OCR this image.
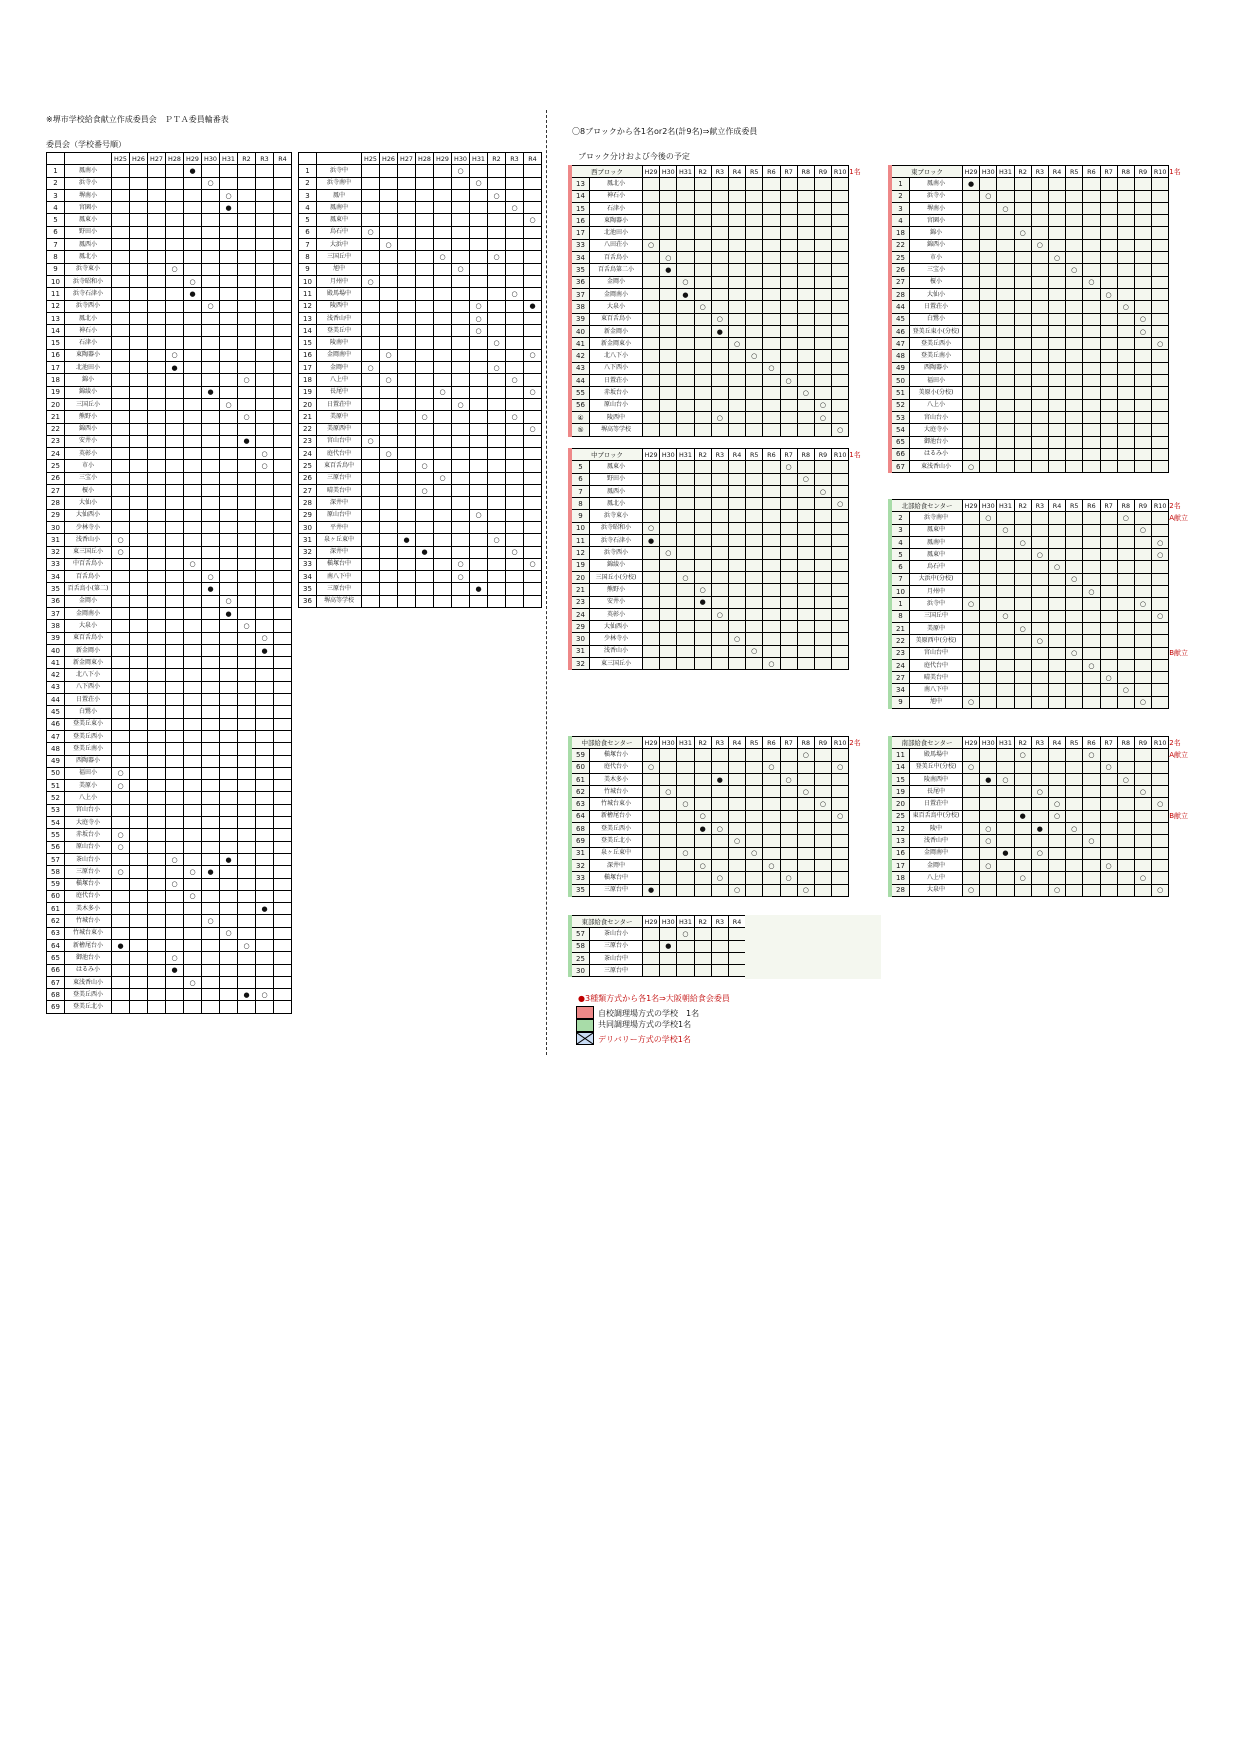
※堺市学校給食献立作成委員会　ＰＴＡ委員輪番表
委員会（学校番号順）
〇8ブロックから各1名or2名(計9名)⇒献立作成委員
ブロック分けおよび今後の予定
		H25	H26	H27	H28	H29	H30	H31	R2	R3	R4
1	鳳南小					●					
2	浜寺小						○				
3	堺南小							○			
4	宮園小							●			
5	鳳東小										
6	野田小										
7	鳳西小										
8	鳳北小										
9	浜寺東小				○						
10	浜寺昭和小					○					
11	浜寺石津小					●					
12	浜寺西小						○				
13	鳳北小										
14	神石小										
15	石津小										
16	東陶器小				○						
17	北池田小				●						
18	錦小								○		
19	錦綾小						●				
20	三国丘小							○			
21	熊野小								○		
22	錦西小										
23	安井小								●		
24	英彰小									○	
25	市小									○	
26	三宝小										
27	榎小										
28	大仙小										
29	大仙西小										
30	少林寺小										
31	浅香山小	○									
32	東三国丘小	○									
33	中百舌鳥小					○					
34	百舌鳥小						○				
35	百舌鳥小(第二)						●				
36	金岡小							○			
37	金岡南小							●			
38	大泉小								○		
39	東百舌鳥小									○	
40	新金岡小									●	
41	新金岡東小										
42	北八下小										
43	八下西小										
44	日置荘小										
45	白鷺小										
46	登美丘東小										
47	登美丘西小										
48	登美丘南小										
49	西陶器小										
50	福田小	○									
51	美原小	○									
52	八上小										
53	宮山台小										
54	大庭寺小										
55	赤坂台小	○									
56	原山台小	○									
57	茶山台小				○			●			
58	三原台小	○				○	●				
59	槇塚台小				○						
60	庭代台小					○					
61	美木多小									●	
62	竹城台小						○				
63	竹城台東小							○			
64	新檜尾台小	●							○		
65	御池台小				○						
66	はるみ小				●						
67	東浅香山小					○					
68	登美丘西小								●	○	
69	登美丘北小										
		H25	H26	H27	H28	H29	H30	H31	R2	R3	R4
1	浜寺中						○				
2	浜寺南中							○			
3	鳳中								○		
4	鳳南中									○	
5	鳳東中										○
6	烏石中	○									
7	大浜中		○								
8	三国丘中					○			○		
9	旭中						○				
10	月州中	○									
11	殿馬場中									○	
12	陵西中							○			●
13	浅香山中							○			
14	登美丘中							○			
15	陵南中								○		
16	金岡南中		○								○
17	金岡中	○							○		
18	八上中		○							○	
19	長尾中					○					○
20	日置荘中						○				
21	美原中				○					○	
22	美原西中										○
23	宮山台中	○									
24	庭代台中		○								
25	東百舌鳥中				○						
26	三原台中					○					
27	晴美台中				○						
28	深井中										
29	原山台中							○			
30	平井中										
31	泉ヶ丘東中			●					○		
32	深井中				●					○	
33	槇塚台中						○				○
34	南八下中						○				
35	三原台中							●			
36	堺高等学校										
西ブロック		H29	H30	H31	R2	R3	R4	R5	R6	R7	R8	R9	R10	1名
13	鳳北小													
14	神石小													
15	石津小													
16	東陶器小													
17	北池田小													
33	八田荘小	○												
34	百舌鳥小		○											
35	百舌鳥第二小		●											
36	金岡小			○										
37	金岡南小			●										
38	大泉小				○									
39	東百舌鳥小					○								
40	新金岡小					●								
41	新金岡東小						○							
42	北八下小							○						
43	八下西小								○					
44	日置荘小									○				
55	赤坂台小										○			
56	原山台小											○		
④	陵西中					○						○		
⑤	堺高等学校												○	
中ブロック		H29	H30	H31	R2	R3	R4	R5	R6	R7	R8	R9	R10	1名
5	鳳東小									○				
6	野田小										○			
7	鳳西小											○		
8	鳳北小												○	
9	浜寺東小													
10	浜寺昭和小	○												
11	浜寺石津小	●												
12	浜寺西小		○											
19	錦綾小													
20	三国丘小(分校)			○										
21	熊野小				○									
23	安井小				●									
24	英彰小					○								
29	大仙西小													
30	少林寺小						○							
31	浅香山小							○						
32	東三国丘小								○					
東ブロック		H29	H30	H31	R2	R3	R4	R5	R6	R7	R8	R9	R10	1名
1	鳳南小	●												
2	浜寺小		○											
3	堺南小			○										
4	宮園小													
18	錦小				○									
22	錦西小					○								
25	市小						○							
26	三宝小							○						
27	榎小								○					
28	大仙小									○				
44	日置荘小										○			
45	白鷺小											○		
46	登美丘東小(分校)											○		
47	登美丘西小												○	
48	登美丘南小													
49	西陶器小													
50	福田小													
51	美原小(分校)													
52	八上小													
53	宮山台小													
54	大庭寺小													
65	御池台小													
66	はるみ小													
67	東浅香山小	○												
北部給食センター		H29	H30	H31	R2	R3	R4	R5	R6	R7	R8	R9	R10	2名
2	浜寺南中		○								○			A献立
3	鳳東中			○								○		
4	鳳南中				○								○	
5	鳳東中					○							○	
6	烏石中						○							
7	大浜中(分校)							○						
10	月州中								○					
1	浜寺中	○										○		
8	三国丘中			○									○	
21	美原中				○									
22	美原西中(分校)					○								
23	宮山台中							○						B献立
24	庭代台中								○					
27	晴美台中									○				
34	南八下中										○			
9	旭中	○										○		
中部給食センター		H29	H30	H31	R2	R3	R4	R5	R6	R7	R8	R9	R10	2名
59	槇塚台小										○			
60	庭代台小	○							○				○	
61	美木多小					●				○				
62	竹城台小		○								○			
63	竹城台東小			○								○		
64	新檜尾台小				○								○	
68	登美丘西小				●	○								
69	登美丘北小						○							
31	泉ヶ丘東中			○				○						
32	深井中				○				○					
33	槇塚台中					○				○				
35	三原台中	●					○				○			
南部給食センター		H29	H30	H31	R2	R3	R4	R5	R6	R7	R8	R9	R10	2名
11	殿馬場中				○				○					A献立
14	登美丘中(分校)	○								○				
15	陵南西中		●	○							○			
19	長尾中					○						○		
20	日置荘中						○						○	
25	東百舌鳥中(分校)				●		○							B献立
12	陵中		○			●		○						
13	浅香山中		○						○					
16	金岡南中			●		○								
17	金岡中		○							○				
18	八上中				○							○		
28	大泉中	○					○						○	
東部給食センター		H29	H30	H31	R2	R3	R4	
57	茶山台小			○				
58	三原台小		●					
25	茶山台中							
30	三原台中							
●3種類方式から各1名⇒大阪朝給食会委員
自校調理場方式の学校　1名
共同調理場方式の学校1名
デリバリー方式の学校1名
